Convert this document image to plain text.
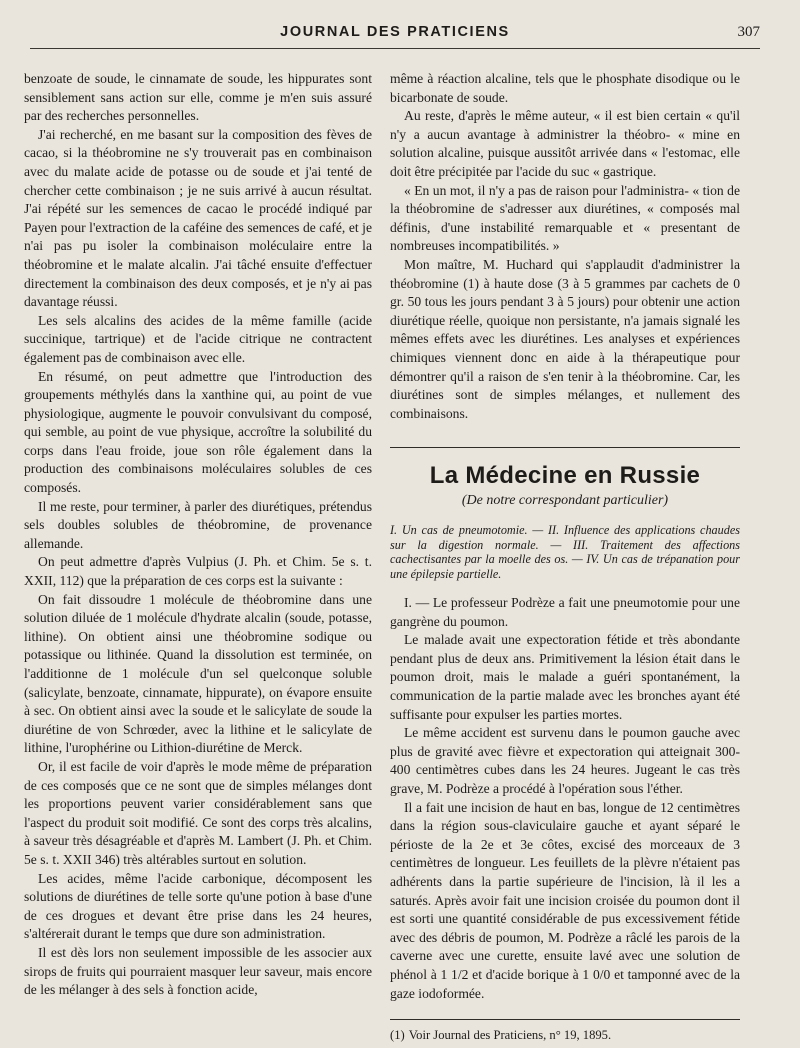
JOURNAL DES PRATICIENS	307

benzoate de soude, le cinnamate de soude, les hippurates sont sensiblement sans action sur elle, comme je m'en suis assuré par des recherches personnelles.

J'ai recherché, en me basant sur la composition des fèves de cacao, si la théobromine ne s'y trouverait pas en combinaison avec du malate acide de potasse ou de soude et j'ai tenté de chercher cette combinaison ; je ne suis arrivé à aucun résultat. J'ai répété sur les semences de cacao le procédé indiqué par Payen pour l'extraction de la caféine des semences de café, et je n'ai pas pu isoler la combinaison moléculaire entre la théobromine et le malate alcalin. J'ai tâché ensuite d'effectuer directement la combinaison des deux composés, et je n'y ai pas davantage réussi.

Les sels alcalins des acides de la même famille (acide succinique, tartrique) et de l'acide citrique ne contractent également pas de combinaison avec elle.

En résumé, on peut admettre que l'introduction des groupements méthylés dans la xanthine qui, au point de vue physiologique, augmente le pouvoir convulsivant du composé, qui semble, au point de vue physique, accroître la solubilité du corps dans l'eau froide, joue son rôle également dans la production des combinaisons moléculaires solubles de ces composés.

Il me reste, pour terminer, à parler des diurétiques, prétendus sels doubles solubles de théobromine, de provenance allemande.

On peut admettre d'après Vulpius (J. Ph. et Chim. 5e s. t. XXII, 112) que la préparation de ces corps est la suivante :

On fait dissoudre 1 molécule de théobromine dans une solution diluée de 1 molécule d'hydrate alcalin (soude, potasse, lithine). On obtient ainsi une théobromine sodique ou potassique ou lithinée. Quand la dissolution est terminée, on l'additionne de 1 molécule d'un sel quelconque soluble (salicylate, benzoate, cinnamate, hippurate), on évapore ensuite à sec. On obtient ainsi avec la soude et le salicylate de soude la diurétine de von Schrœder, avec la lithine et le salicylate de lithine, l'urophérine ou Lithion-diurétine de Merck.

Or, il est facile de voir d'après le mode même de préparation de ces composés que ce ne sont que de simples mélanges dont les proportions peuvent varier considérablement sans que l'aspect du produit soit modifié. Ce sont des corps très alcalins, à saveur très désagréable et d'après M. Lambert (J. Ph. et Chim. 5e s. t. XXII 346) très altérables surtout en solution.

Les acides, même l'acide carbonique, décomposent les solutions de diurétines de telle sorte qu'une potion à base d'une de ces drogues et devant être prise dans les 24 heures, s'altérerait durant le temps que dure son administration.

Il est dès lors non seulement impossible de les associer aux sirops de fruits qui pourraient masquer leur saveur, mais encore de les mélanger à des sels à fonction acide,

même à réaction alcaline, tels que le phosphate disodique ou le bicarbonate de soude.

Au reste, d'après le même auteur, « il est bien certain « qu'il n'y a aucun avantage à administrer la théobro- « mine en solution alcaline, puisque aussitôt arrivée dans « l'estomac, elle doit être précipitée par l'acide du suc « gastrique.

« En un mot, il n'y a pas de raison pour l'administra- « tion de la théobromine de s'adresser aux diurétines, « composés mal définis, d'une instabilité remarquable et « presentant de nombreuses incompatibilités. »

Mon maître, M. Huchard qui s'applaudit d'administrer la théobromine (1) à haute dose (3 à 5 grammes par cachets de 0 gr. 50 tous les jours pendant 3 à 5 jours) pour obtenir une action diurétique réelle, quoique non persistante, n'a jamais signalé les mêmes effets avec les diurétines. Les analyses et expériences chimiques viennent donc en aide à la thérapeutique pour démontrer qu'il a raison de s'en tenir à la théobromine. Car, les diurétines sont de simples mélanges, et nullement des combinaisons.

La Médecine en Russie
(De notre correspondant particulier)
I. Un cas de pneumotomie. — II. Influence des applications chaudes sur la digestion normale. — III. Traitement des affections cachectisantes par la moelle des os. — IV. Un cas de trépanation pour une épilepsie partielle.

I. — Le professeur Podrèze a fait une pneumotomie pour une gangrène du poumon.

Le malade avait une expectoration fétide et très abondante pendant plus de deux ans. Primitivement la lésion était dans le poumon droit, mais le malade a guéri spontanément, la communication de la partie malade avec les bronches ayant été suffisante pour expulser les parties mortes.

Le même accident est survenu dans le poumon gauche avec plus de gravité avec fièvre et expectoration qui atteignait 300-400 centimètres cubes dans les 24 heures. Jugeant le cas très grave, M. Podrèze a procédé à l'opération sous l'éther.

Il a fait une incision de haut en bas, longue de 12 centimètres dans la région sous-claviculaire gauche et ayant séparé le périoste de la 2e et 3e côtes, excisé des morceaux de 3 centimètres de longueur. Les feuillets de la plèvre n'étaient pas adhérents dans la partie supérieure de l'incision, là il les a saturés. Après avoir fait une incision croisée du poumon dont il est sorti une quantité considérable de pus excessivement fétide avec des débris de poumon, M. Podrèze a râclé les parois de la caverne avec une curette, ensuite lavé avec une solution de phénol à 1 1/2 et d'acide borique à 1 0/0 et tamponné avec de la gaze iodoformée.

(1) Voir Journal des Praticiens, n° 19, 1895.
